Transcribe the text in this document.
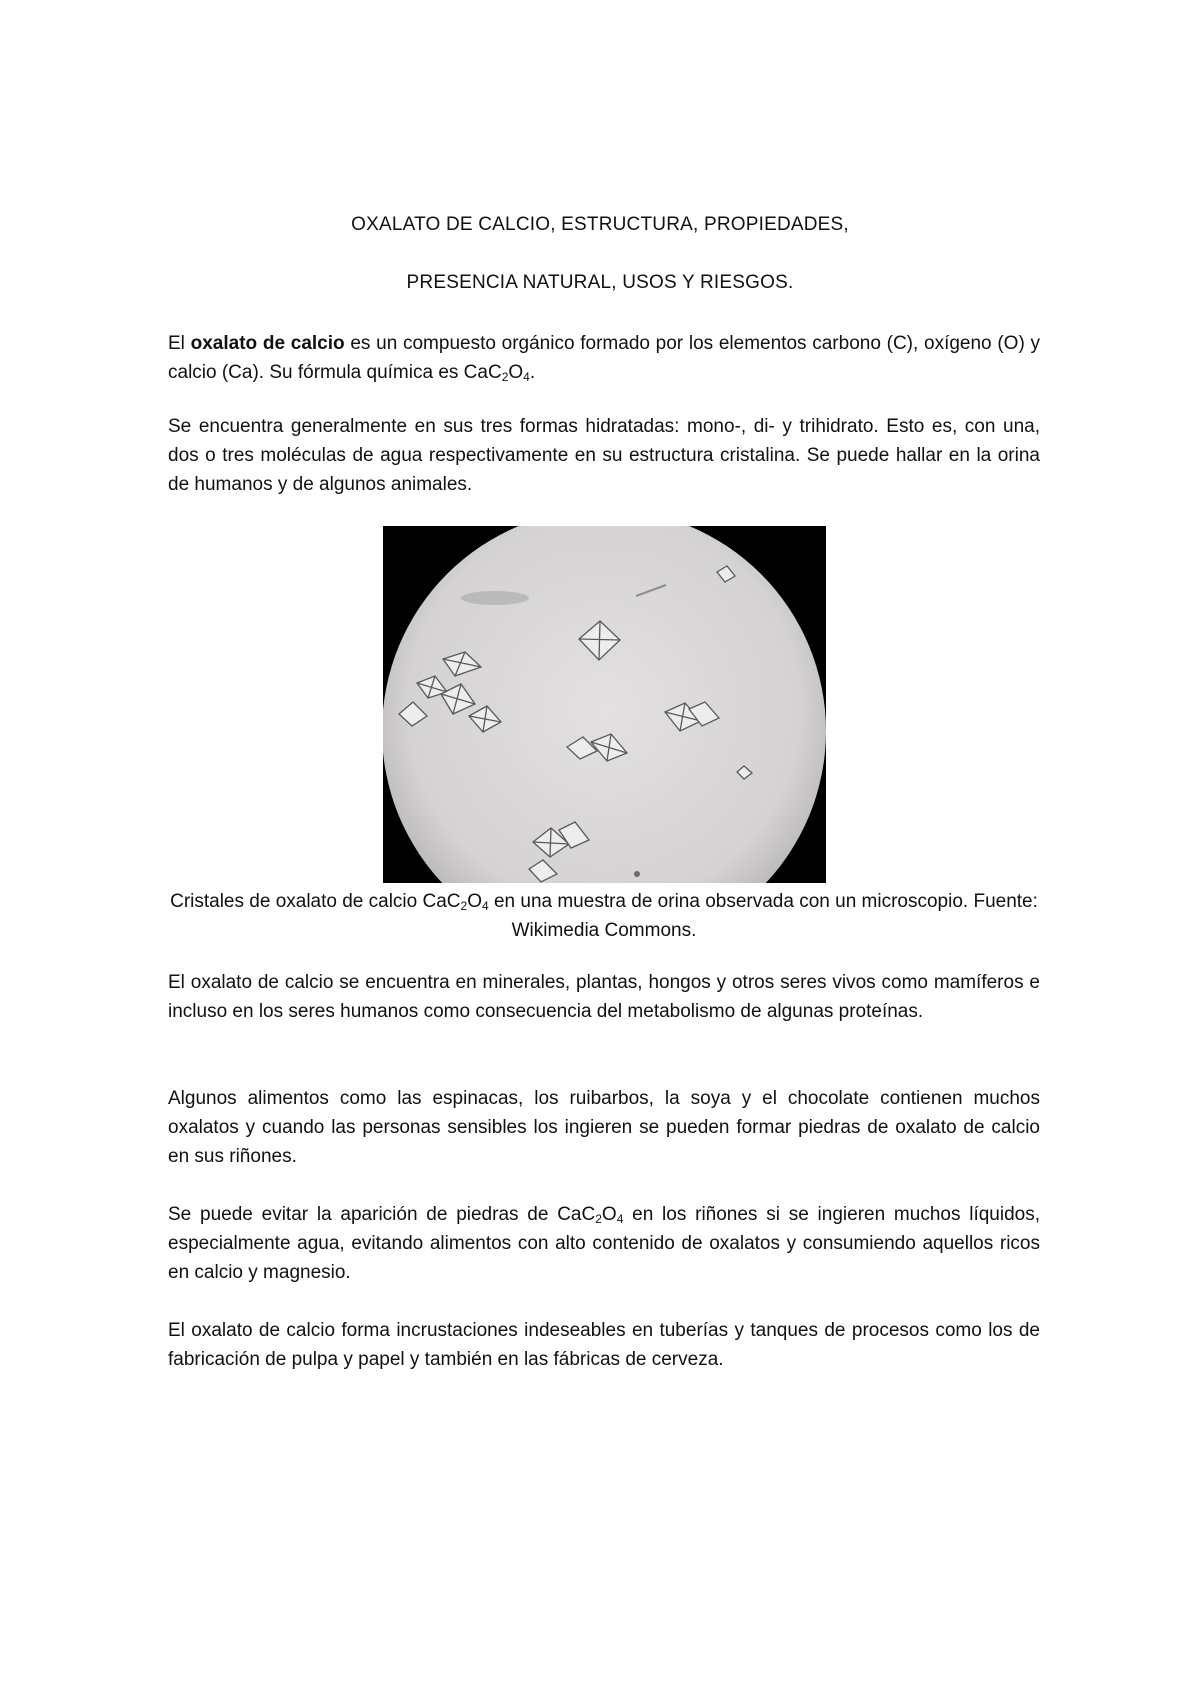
OXALATO DE CALCIO, ESTRUCTURA, PROPIEDADES,
PRESENCIA NATURAL, USOS Y RIESGOS.
El oxalato de calcio es un compuesto orgánico formado por los elementos carbono (C), oxígeno (O) y calcio (Ca). Su fórmula química es $CaC_2O_4$.
Se encuentra generalmente en sus tres formas hidratadas: mono-, di- y trihidrato. Esto es, con una, dos o tres moléculas de agua respectivamente en su estructura cristalina. Se puede hallar en la orina de humanos y de algunos animales.
Cristales de oxalato de calcio $CaC_2O_4$ en una muestra de orina observada con un microscopio. Fuente: Wikimedia Commons.
El oxalato de calcio se encuentra en minerales, plantas, hongos y otros seres vivos como mamíferos e incluso en los seres humanos como consecuencia del metabolismo de algunas proteínas.
Algunos alimentos como las espinacas, los ruibarbos, la soya y el chocolate contienen muchos oxalatos y cuando las personas sensibles los ingieren se pueden formar piedras de oxalato de calcio en sus riñones.
Se puede evitar la aparición de piedras de $CaC_2O_4$ en los riñones si se ingieren muchos líquidos, especialmente agua, evitando alimentos con alto contenido de oxalatos y consumiendo aquellos ricos en calcio y magnesio.
El oxalato de calcio forma incrustaciones indeseables en tuberías y tanques de procesos como los de fabricación de pulpa y papel y también en las fábricas de cerveza.
